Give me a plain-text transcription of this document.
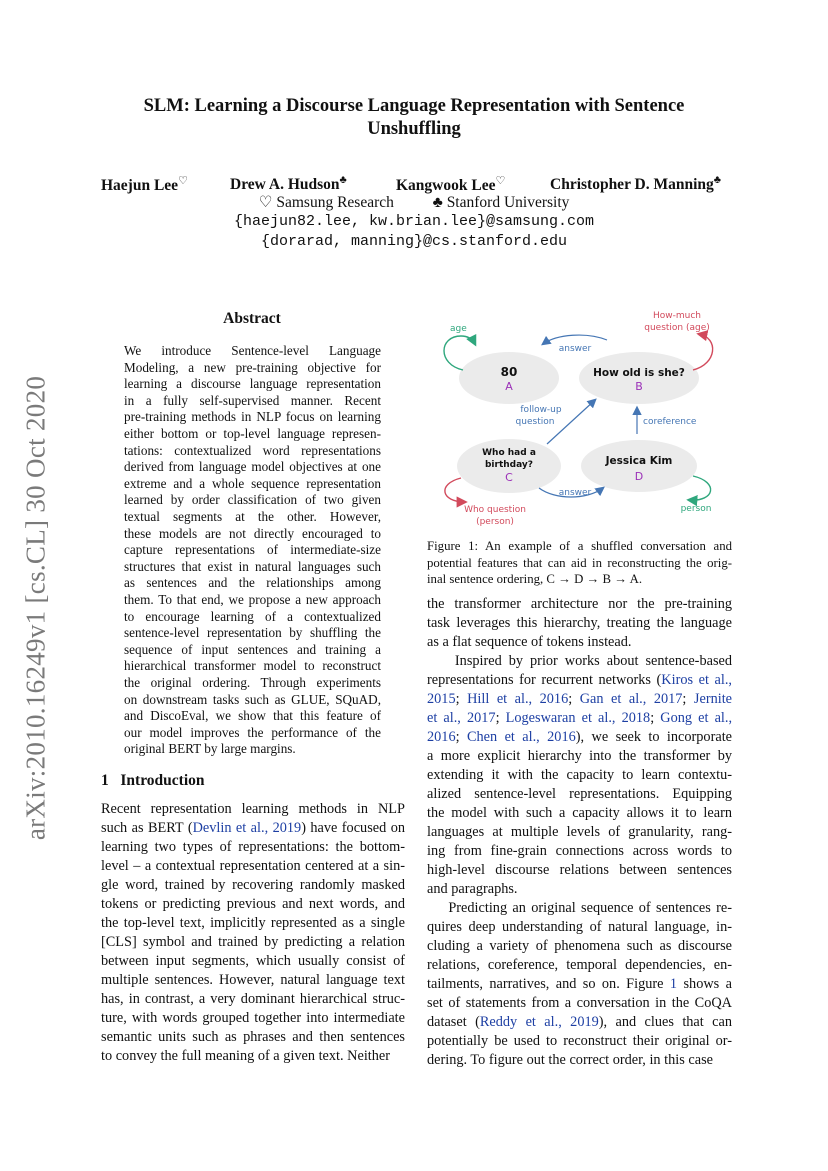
arXiv:2010.16249v1 [cs.CL] 30 Oct 2020
SLM: Learning a Discourse Language Representation with Sentence
Unshuffling
Haejun Lee♡	Drew A. Hudson♣	Kangwook Lee♡	Christopher D. Manning♣
♡ Samsung Research          ♣ Stanford University
{haejun82.lee, kw.brian.lee}@samsung.com
{dorarad, manning}@cs.stanford.edu
Abstract
We introduce Sentence-level Language
Modeling, a new pre-training objective for
learning a discourse language representation
in a fully self-supervised manner. Recent
pre-training methods in NLP focus on learning
either bottom or top-level language represen-
tations: contextualized word representations
derived from language model objectives at one
extreme and a whole sequence representation
learned by order classification of two given
textual segments at the other. However,
these models are not directly encouraged to
capture representations of intermediate-size
structures that exist in natural languages such
as sentences and the relationships among
them. To that end, we propose a new approach
to encourage learning of a contextualized
sentence-level representation by shuffling the
sequence of input sentences and training a
hierarchical transformer model to reconstruct
the original ordering. Through experiments
on downstream tasks such as GLUE, SQuAD,
and DiscoEval, we show that this feature of
our model improves the performance of the
original BERT by large margins.
1   Introduction
Recent representation learning methods in NLP
such as BERT (Devlin et al., 2019) have focused on
learning two types of representations: the bottom-
level – a contextual representation centered at a sin-
gle word, trained by recovering randomly masked
tokens or predicting previous and next words, and
the top-level text, implicitly represented as a single
[CLS] symbol and trained by predicting a relation
between input segments, which usually consist of
multiple sentences. However, natural language text
has, in contrast, a very dominant hierarchical struc-
ture, with words grouped together into intermediate
semantic units such as phrases and then sentences
to convey the full meaning of a given text. Neither
80
A
How old is she?
B
Who had a
birthday?
C
Jessica Kim
D
age
answer
How-much
question (age)
follow-up
question	coreference
answer
Who question
(person)
person
Figure 1: An example of a shuffled conversation and
potential features that can aid in reconstructing the orig-
inal sentence ordering, C → D → B → A.
the transformer architecture nor the pre-training
task leverages this hierarchy, treating the language
as a flat sequence of tokens instead.
Inspired by prior works about sentence-based
representations for recurrent networks (Kiros et al.,
2015; Hill et al., 2016; Gan et al., 2017; Jernite
et al., 2017; Logeswaran et al., 2018; Gong et al.,
2016; Chen et al., 2016), we seek to incorporate
a more explicit hierarchy into the transformer by
extending it with the capacity to learn contextu-
alized sentence-level representations. Equipping
the model with such a capacity allows it to learn
languages at multiple levels of granularity, rang-
ing from fine-grain connections across words to
high-level discourse relations between sentences
and paragraphs.
Predicting an original sequence of sentences re-
quires deep understanding of natural language, in-
cluding a variety of phenomena such as discourse
relations, coreference, temporal dependencies, en-
tailments, narratives, and so on. Figure 1 shows a
set of statements from a conversation in the CoQA
dataset (Reddy et al., 2019), and clues that can
potentially be used to reconstruct their original or-
dering. To figure out the correct order, in this case
